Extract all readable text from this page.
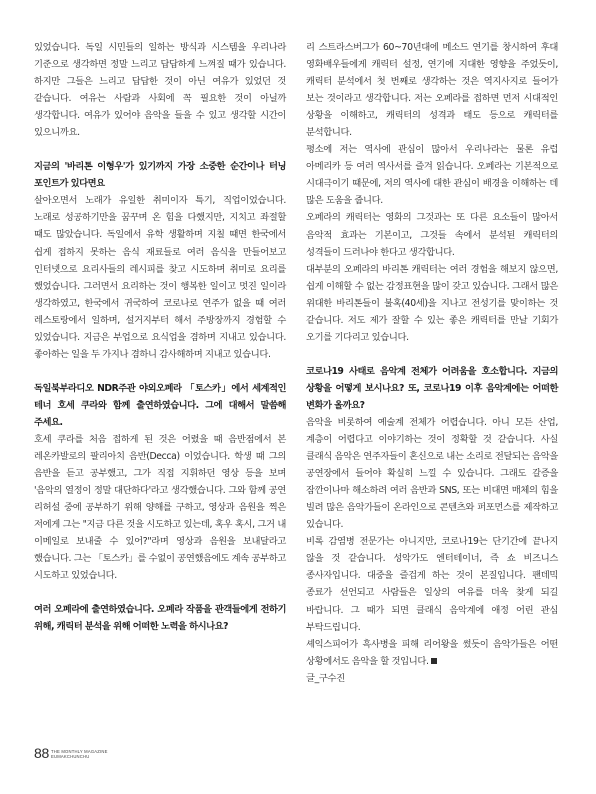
있었습니다. 독일 시민들의 일하는 방식과 시스템을 우리나라 기준으로 생각하면 정말 느리고 답답하게 느껴질 때가 있습니다. 하지만 그들은 느리고 답답한 것이 아닌 여유가 있었던 것 같습니다. 여유는 사람과 사회에 꼭 필요한 것이 아닐까 생각합니다. 여유가 있어야 음악을 들을 수 있고 생각할 시간이 있으니까요.

지금의 '바리톤 이형우'가 있기까지 가장 소중한 순간이나 터닝 포인트가 있다면요

살아오면서 노래가 유일한 취미이자 특기, 직업이었습니다. 노래로 성공하기만을 꿈꾸며 온 힘을 다했지만, 지치고 좌절할 때도 많았습니다. 독일에서 유학 생활하며 지칠 때면 한국에서 쉽게 접하지 못하는 음식 재료들로 여러 음식을 만들어보고 인터넷으로 요리사들의 레시피를 찾고 시도하며 취미로 요리를 했었습니다. 그러면서 요리하는 것이 행복한 일이고 멋진 일이라 생각하였고, 한국에서 귀국하여 코로나로 연주가 없을 때 여러 레스토랑에서 일하며, 설거지부터 해서 주방장까지 경험할 수 있었습니다. 지금은 부업으로 요식업을 겸하며 지내고 있습니다. 좋아하는 일을 두 가지나 겸하니 감사해하며 지내고 있습니다.

독일북부라디오 NDR주관 야외오페라 「토스카」에서 세계적인 테너 호세 쿠라와 함께 출연하였습니다. 그에 대해서 말씀해 주세요.

호세 쿠라를 처음 접하게 된 것은 어렸을 때 음반점에서 본 레온카발로의 팔리아치 음반(Decca) 이었습니다. 학생 때 그의 음반을 듣고 공부했고, 그가 직접 지휘하던 영상 등을 보며 '음악의 열정이 정말 대단하다'라고 생각했습니다. 그와 함께 공연 리허설 중에 공부하기 위해 양해를 구하고, 영상과 음원을 찍은 저에게 그는 "지금 다른 것을 시도하고 있는데, 혹우 혹시, 그거 내 이메일로 보내줄 수 있어?"라며 영상과 음원을 보내달라고 했습니다. 그는 「토스카」를 수없이 공연했음에도 계속 공부하고 시도하고 있었습니다.

여러 오페라에 출연하였습니다. 오페라 작품을 관객들에게 전하기 위해, 캐릭터 분석을 위해 어떠한 노력을 하시나요?

리 스트라스버그가 60~70년대에 메소드 연기를 창시하여 후대 영화배우들에게 캐릭터 설정, 연기에 지대한 영향을 주었듯이, 캐릭터 분석에서 첫 번째로 생각하는 것은 역지사지로 들어가 보는 것이라고 생각합니다. 저는 오페라를 접하면 먼저 시대적인 상황을 이해하고, 캐릭터의 성격과 태도 등으로 캐릭터를 분석합니다.

평소에 저는 역사에 관심이 많아서 우리나라는 물론 유럽 아메리카 등 여러 역사서를 즐겨 읽습니다. 오페라는 기본적으로 시대극이기 때문에, 저의 역사에 대한 관심이 배경을 이해하는 데 많은 도움을 줍니다.

오페라의 캐릭터는 영화의 그것과는 또 다른 요소들이 많아서 음악적 효과는 기본이고, 그것들 속에서 분석된 캐릭터의 성격들이 드러나야 한다고 생각합니다.

대부분의 오페라의 바리톤 캐릭터는 여러 경험을 해보지 않으면, 쉽게 이해할 수 없는 감정표현을 많이 갖고 있습니다. 그래서 많은 위대한 바리톤들이 불혹(40세)을 지나고 전성기를 맞이하는 것 같습니다. 저도 제가 잘할 수 있는 좋은 캐릭터를 만날 기회가 오기를 기다리고 있습니다.

코로나19 사태로 음악계 전체가 어려움을 호소합니다. 지금의 상황을 어떻게 보시나요? 또, 코로나19 이후 음악계에는 어떠한 변화가 올까요?

음악을 비롯하여 예술계 전체가 어렵습니다. 아니 모든 산업, 계층이 어렵다고 이야기하는 것이 정확할 것 같습니다. 사실 클래식 음악은 연주자들이 혼신으로 내는 소리로 전달되는 음악을 공연장에서 들어야 확실히 느낄 수 있습니다. 그래도 갈증을 잠깐이나마 해소하려 여러 음반과 SNS, 또는 비대면 매체의 힘을 빌려 많은 음악가들이 온라인으로 콘텐츠와 퍼포먼스를 제작하고 있습니다.

비록 감염병 전문가는 아니지만, 코로나19는 단기간에 끝나지 않을 것 같습니다. 성악가도 엔터테이너, 즉 쇼 비즈니스 종사자입니다. 대중을 즐겁게 하는 것이 본질입니다. 팬데믹 종료가 선언되고 사람들은 일상의 여유를 더욱 찾게 되길 바랍니다. 그 때가 되면 클래식 음악계에 애정 어린 관심 부탁드립니다.

셰익스피어가 흑사병을 피해 리어왕을 썼듯이 음악가들은 어떤 상황에서도 음악을 할 것입니다.

글_구수진

88 THE MONTHLY MAGAZINE
EUMAKCHUNCHU
